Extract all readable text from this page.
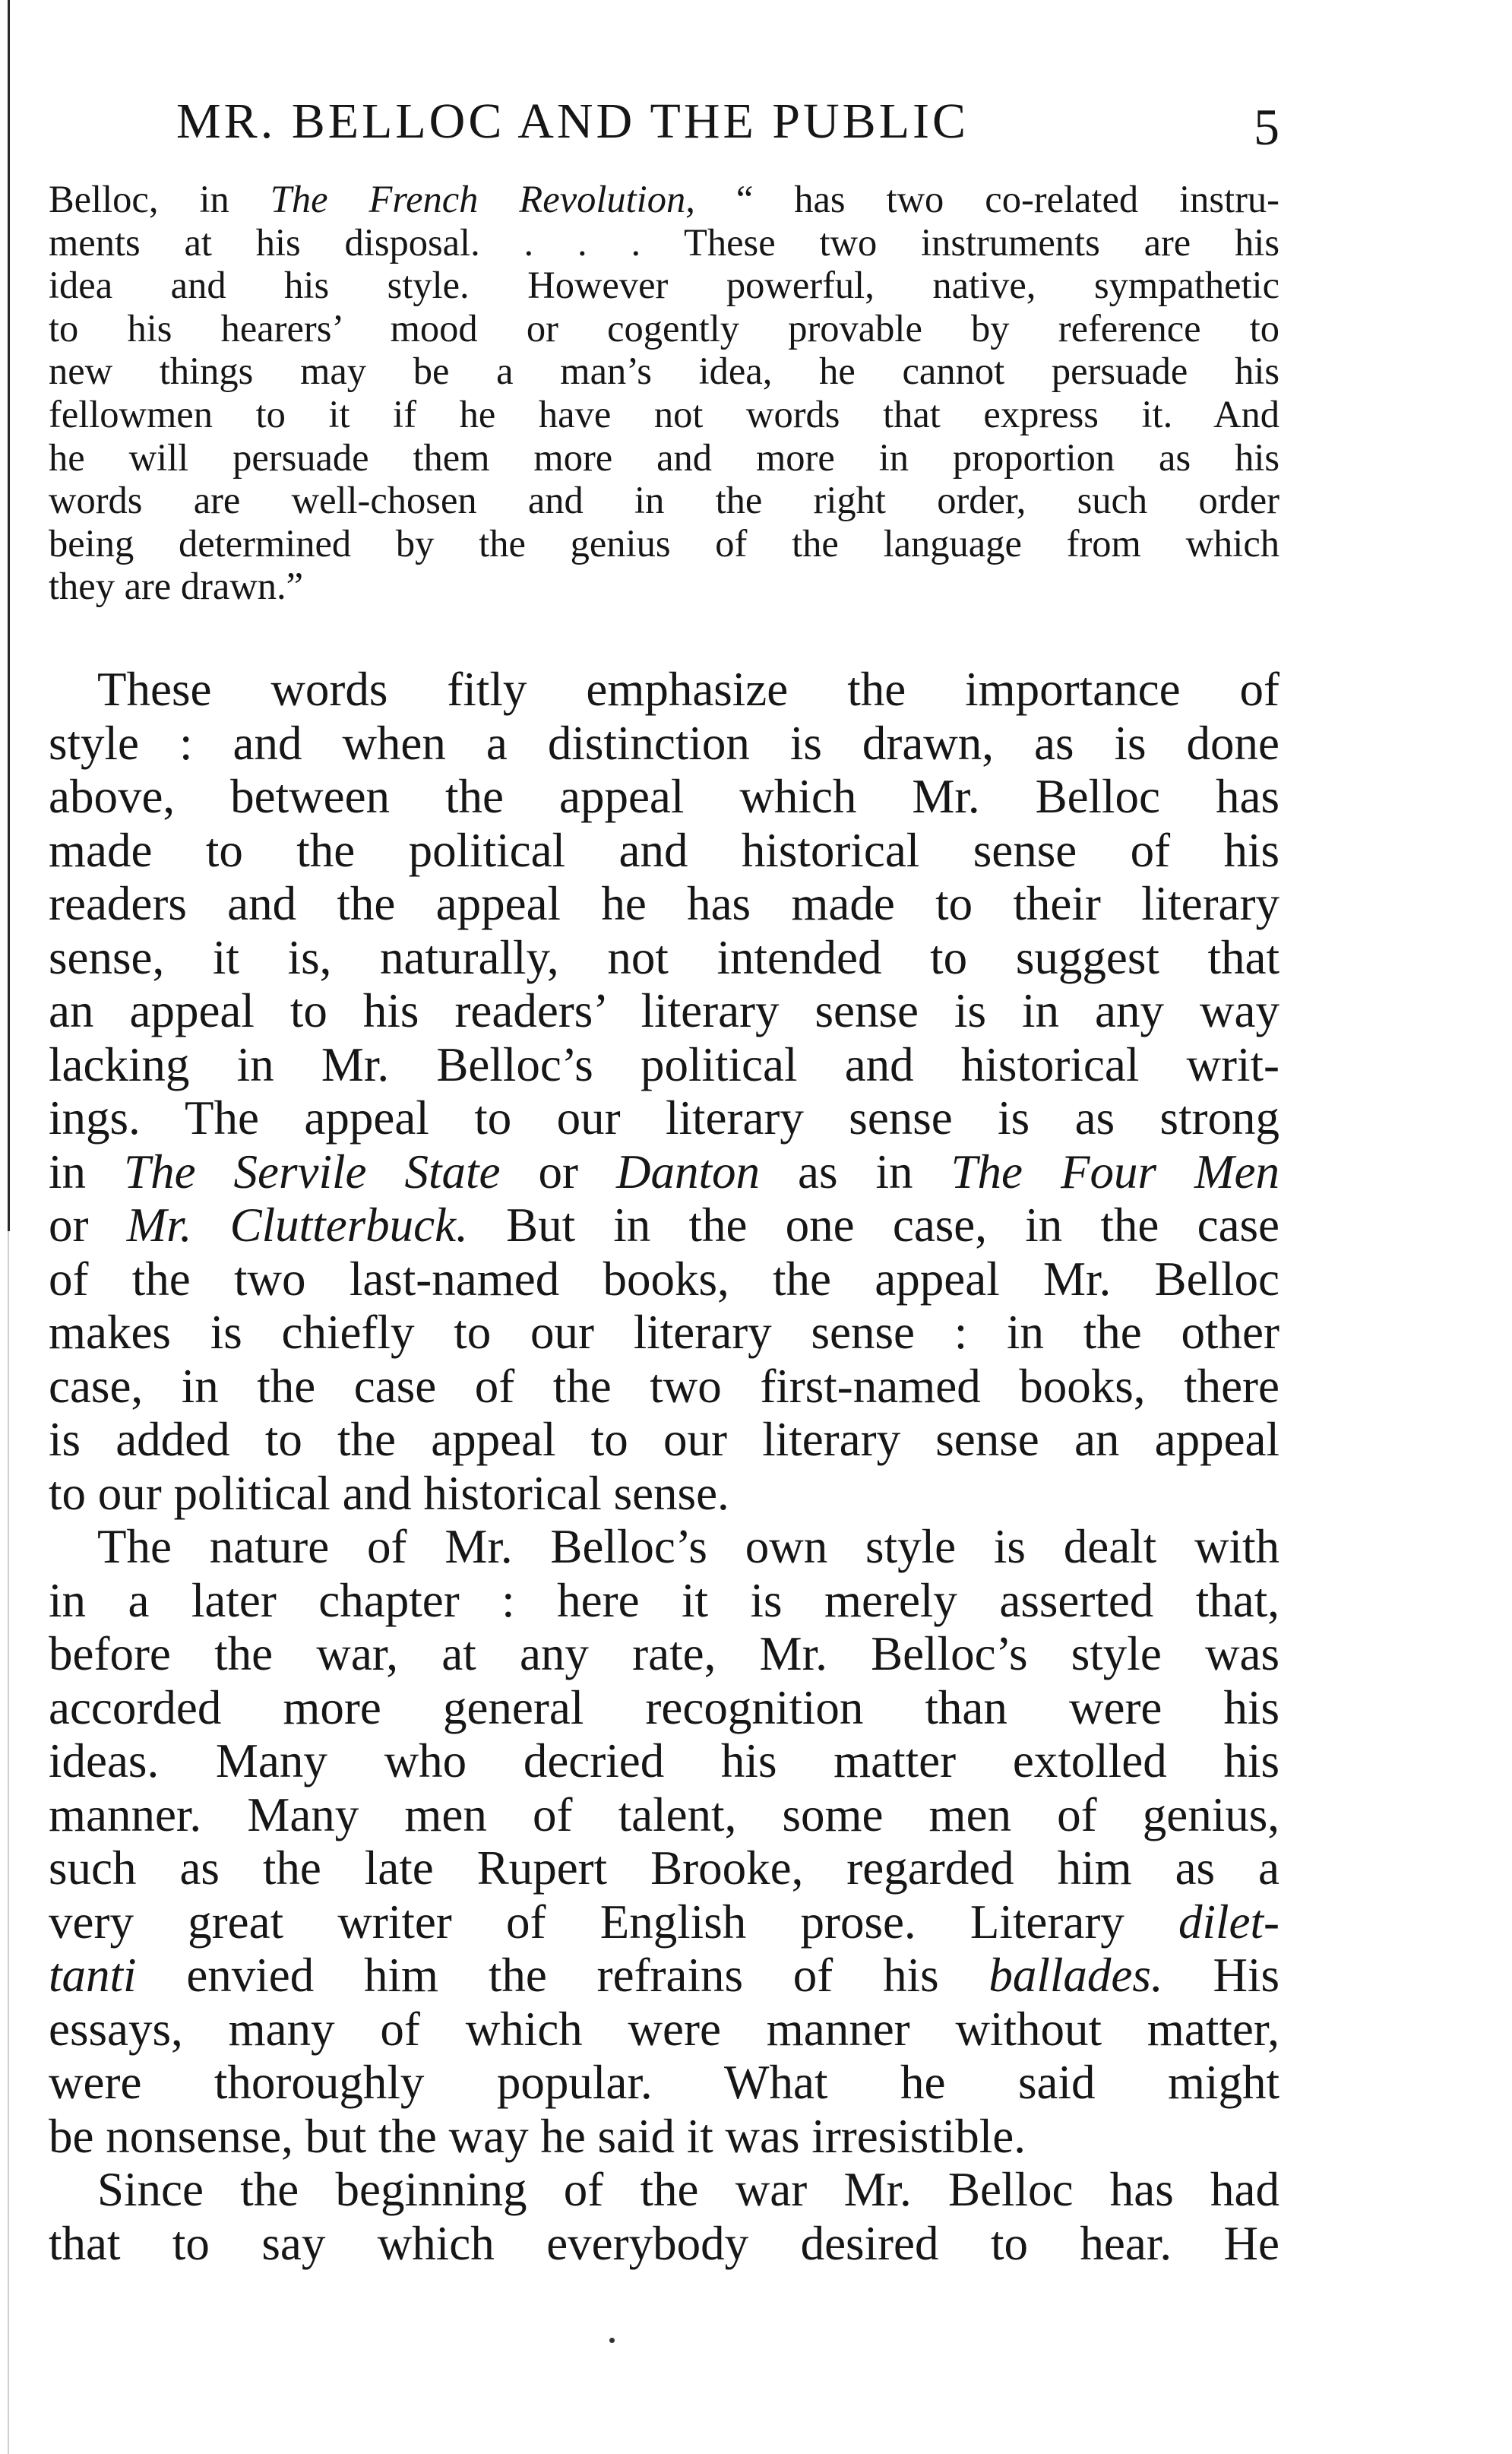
MR. BELLOC AND THE PUBLIC	5

Belloc, in The French Revolution, “ has two co-related instru-
ments at his disposal. . . . These two instruments are his
idea and his style. However powerful, native, sympathetic
to his hearers’ mood or cogently provable by reference to
new things may be a man’s idea, he cannot persuade his
fellowmen to it if he have not words that express it. And
he will persuade them more and more in proportion as his
words are well-chosen and in the right order, such order
being determined by the genius of the language from which
they are drawn.”

These words fitly emphasize the importance of
style : and when a distinction is drawn, as is done
above, between the appeal which Mr. Belloc has
made to the political and historical sense of his
readers and the appeal he has made to their literary
sense, it is, naturally, not intended to suggest that
an appeal to his readers’ literary sense is in any way
lacking in Mr. Belloc’s political and historical writ-
ings. The appeal to our literary sense is as strong
in The Servile State or Danton as in The Four Men
or Mr. Clutterbuck. But in the one case, in the case
of the two last-named books, the appeal Mr. Belloc
makes is chiefly to our literary sense : in the other
case, in the case of the two first-named books, there
is added to the appeal to our literary sense an appeal
to our political and historical sense.

The nature of Mr. Belloc’s own style is dealt with
in a later chapter : here it is merely asserted that,
before the war, at any rate, Mr. Belloc’s style was
accorded more general recognition than were his
ideas. Many who decried his matter extolled his
manner. Many men of talent, some men of genius,
such as the late Rupert Brooke, regarded him as a
very great writer of English prose. Literary dilet-
tanti envied him the refrains of his ballades. His
essays, many of which were manner without matter,
were thoroughly popular. What he said might
be nonsense, but the way he said it was irresistible.

Since the beginning of the war Mr. Belloc has had
that to say which everybody desired to hear. He
